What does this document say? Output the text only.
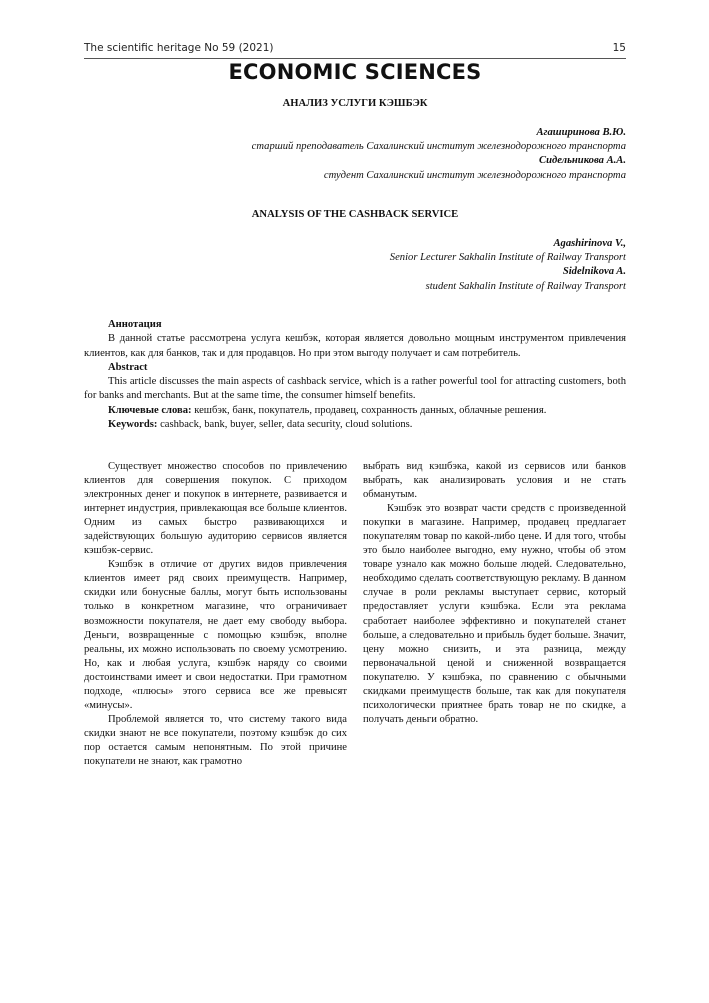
The scientific heritage No 59 (2021)	15
ECONOMIC SCIENCES
АНАЛИЗ УСЛУГИ КЭШБЭК
Агаширинова В.Ю.
старший преподаватель Сахалинский институт железнодорожного транспорта
Сидельникова А.А.
студент Сахалинский институт железнодорожного транспорта
ANALYSIS OF THE CASHBACK SERVICE
Agashirinova V.,
Senior Lecturer Sakhalin Institute of Railway Transport
Sidelnikova A.
student Sakhalin Institute of Railway Transport

Аннотация

В данной статье рассмотрена услуга кешбэк, которая является довольно мощным инструментом привлечения клиентов, как для банков, так и для продавцов. Но при этом выгоду получает и сам потребитель.

Abstract

This article discusses the main aspects of cashback service, which is a rather powerful tool for attracting customers, both for banks and merchants. But at the same time, the consumer himself benefits.

Ключевые слова: кешбэк, банк, покупатель, продавец, сохранность данных, облачные решения.

Keywords: cashback, bank, buyer, seller, data security, cloud solutions.

Существует множество способов по привлечению клиентов для совершения покупок. С приходом электронных денег и покупок в интернете, развивается и интернет индустрия, привлекающая все больше клиентов. Одним из самых быстро развивающихся и задействующих большую аудиторию сервисов является кэшбэк-сервис.

Кэшбэк в отличие от других видов привлечения клиентов имеет ряд своих преимуществ. Например, скидки или бонусные баллы, могут быть использованы только в конкретном магазине, что ограничивает возможности покупателя, не дает ему свободу выбора. Деньги, возвращенные с помощью кэшбэк, вполне реальны, их можно использовать по своему усмотрению. Но, как и любая услуга, кэшбэк наряду со своими достоинствами имеет и свои недостатки. При грамотном подходе, «плюсы» этого сервиса все же превысят «минусы».

Проблемой является то, что систему такого вида скидки знают не все покупатели, поэтому кэшбэк до сих пор остается самым непонятным. По этой причине покупатели не знают, как грамотно

выбрать вид кэшбэка, какой из сервисов или банков выбрать, как анализировать условия и не стать обманутым.

Кэшбэк это возврат части средств с произведенной покупки в магазине. Например, продавец предлагает покупателям товар по какой-либо цене. И для того, чтобы это было наиболее выгодно, ему нужно, чтобы об этом товаре узнало как можно больше людей. Следовательно, необходимо сделать соответствующую рекламу. В данном случае в роли рекламы выступает сервис, который предоставляет услуги кэшбэка. Если эта реклама сработает наиболее эффективно и покупателей станет больше, а следовательно и прибыль будет больше. Значит, цену можно снизить, и эта разница, между первоначальной ценой и сниженной возвращается покупателю. У кэшбэка, по сравнению с обычными скидками преимуществ больше, так как для покупателя психологически приятнее брать товар не по скидке, а получать деньги обратно.
